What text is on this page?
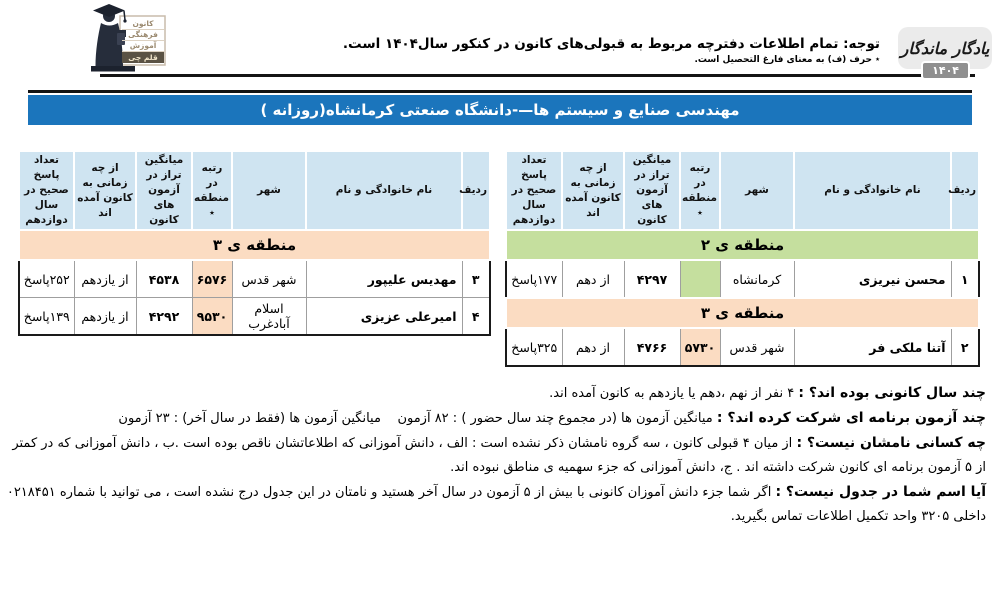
کانون
فرهنگی
آموزش
قلم چی
توجه: تمام اطلاعات دفترچه مربوط به قبولی‌های کانون در کنکور سال۱۴۰۴ است.
٭ حرف (ف) به معنای فارغ التحصیل است.
یادگار ماندگار
۱۴۰۴
مهندسی صنایع و سیستم ها—-دانشگاه صنعتی کرمانشاه(روزانه )
ردیف	نام خانوادگی و نام	شهر	رتبه در منطقه ٭	میانگین تراز در آزمون های کانون	از چه زمانی به کانون آمده اند	تعداد پاسخ صحیح در سال دوازدهم
منطقه ی ۲						
۱	محسن نیریزی	کرمانشاه		۴۲۹۷	از دهم	۱۷۷پاسخ
منطقه ی ۳						
۲	آتنا ملکی فر	شهر قدس	۵۷۳۰	۴۷۶۶	از دهم	۳۲۵پاسخ
ردیف	نام خانوادگی و نام	شهر	رتبه در منطقه ٭	میانگین تراز در آزمون های کانون	از چه زمانی به کانون آمده اند	تعداد پاسخ صحیح در سال دوازدهم
منطقه ی ۳						
۳	مهدیس علیپور	شهر قدس	۶۵۷۶	۴۵۳۸	از یازدهم	۲۵۲پاسخ
۴	امیرعلی عزیزی	اسلام آبادغرب	۹۵۳۰	۴۲۹۲	از یازدهم	۱۳۹پاسخ
چند سال کانونی بوده اند؟ : ۴ نفر از نهم ،دهم یا یازدهم به کانون آمده اند.
چند آزمون برنامه ای شرکت کرده اند؟ : میانگین آزمون ها (در مجموع چند سال حضور ) : ۸۲ آزمون    میانگین آزمون ها (فقط در سال آخر) : ۲۳ آزمون
چه کسانی نامشان نیست؟ : از میان ۴ قبولی کانون ، سه گروه نامشان ذکر نشده است : الف ، دانش آموزانی که اطلاعاتشان ناقص بوده است .ب ، دانش آموزانی که در کمتر از ۵ آزمون برنامه ای کانون شرکت داشته اند . ج، دانش آموزانی که جزء سهمیه ی مناطق نبوده اند.
آیا اسم شما در جدول نیست؟ : اگر شما جزء دانش آموزان کانونی با بیش از ۵ آزمون در سال آخر هستید و نامتان در این جدول درج نشده است ، می توانید با شماره ۰۲۱۸۴۵۱ داخلی ۳۲۰۵ واحد تکمیل اطلاعات تماس بگیرید.
